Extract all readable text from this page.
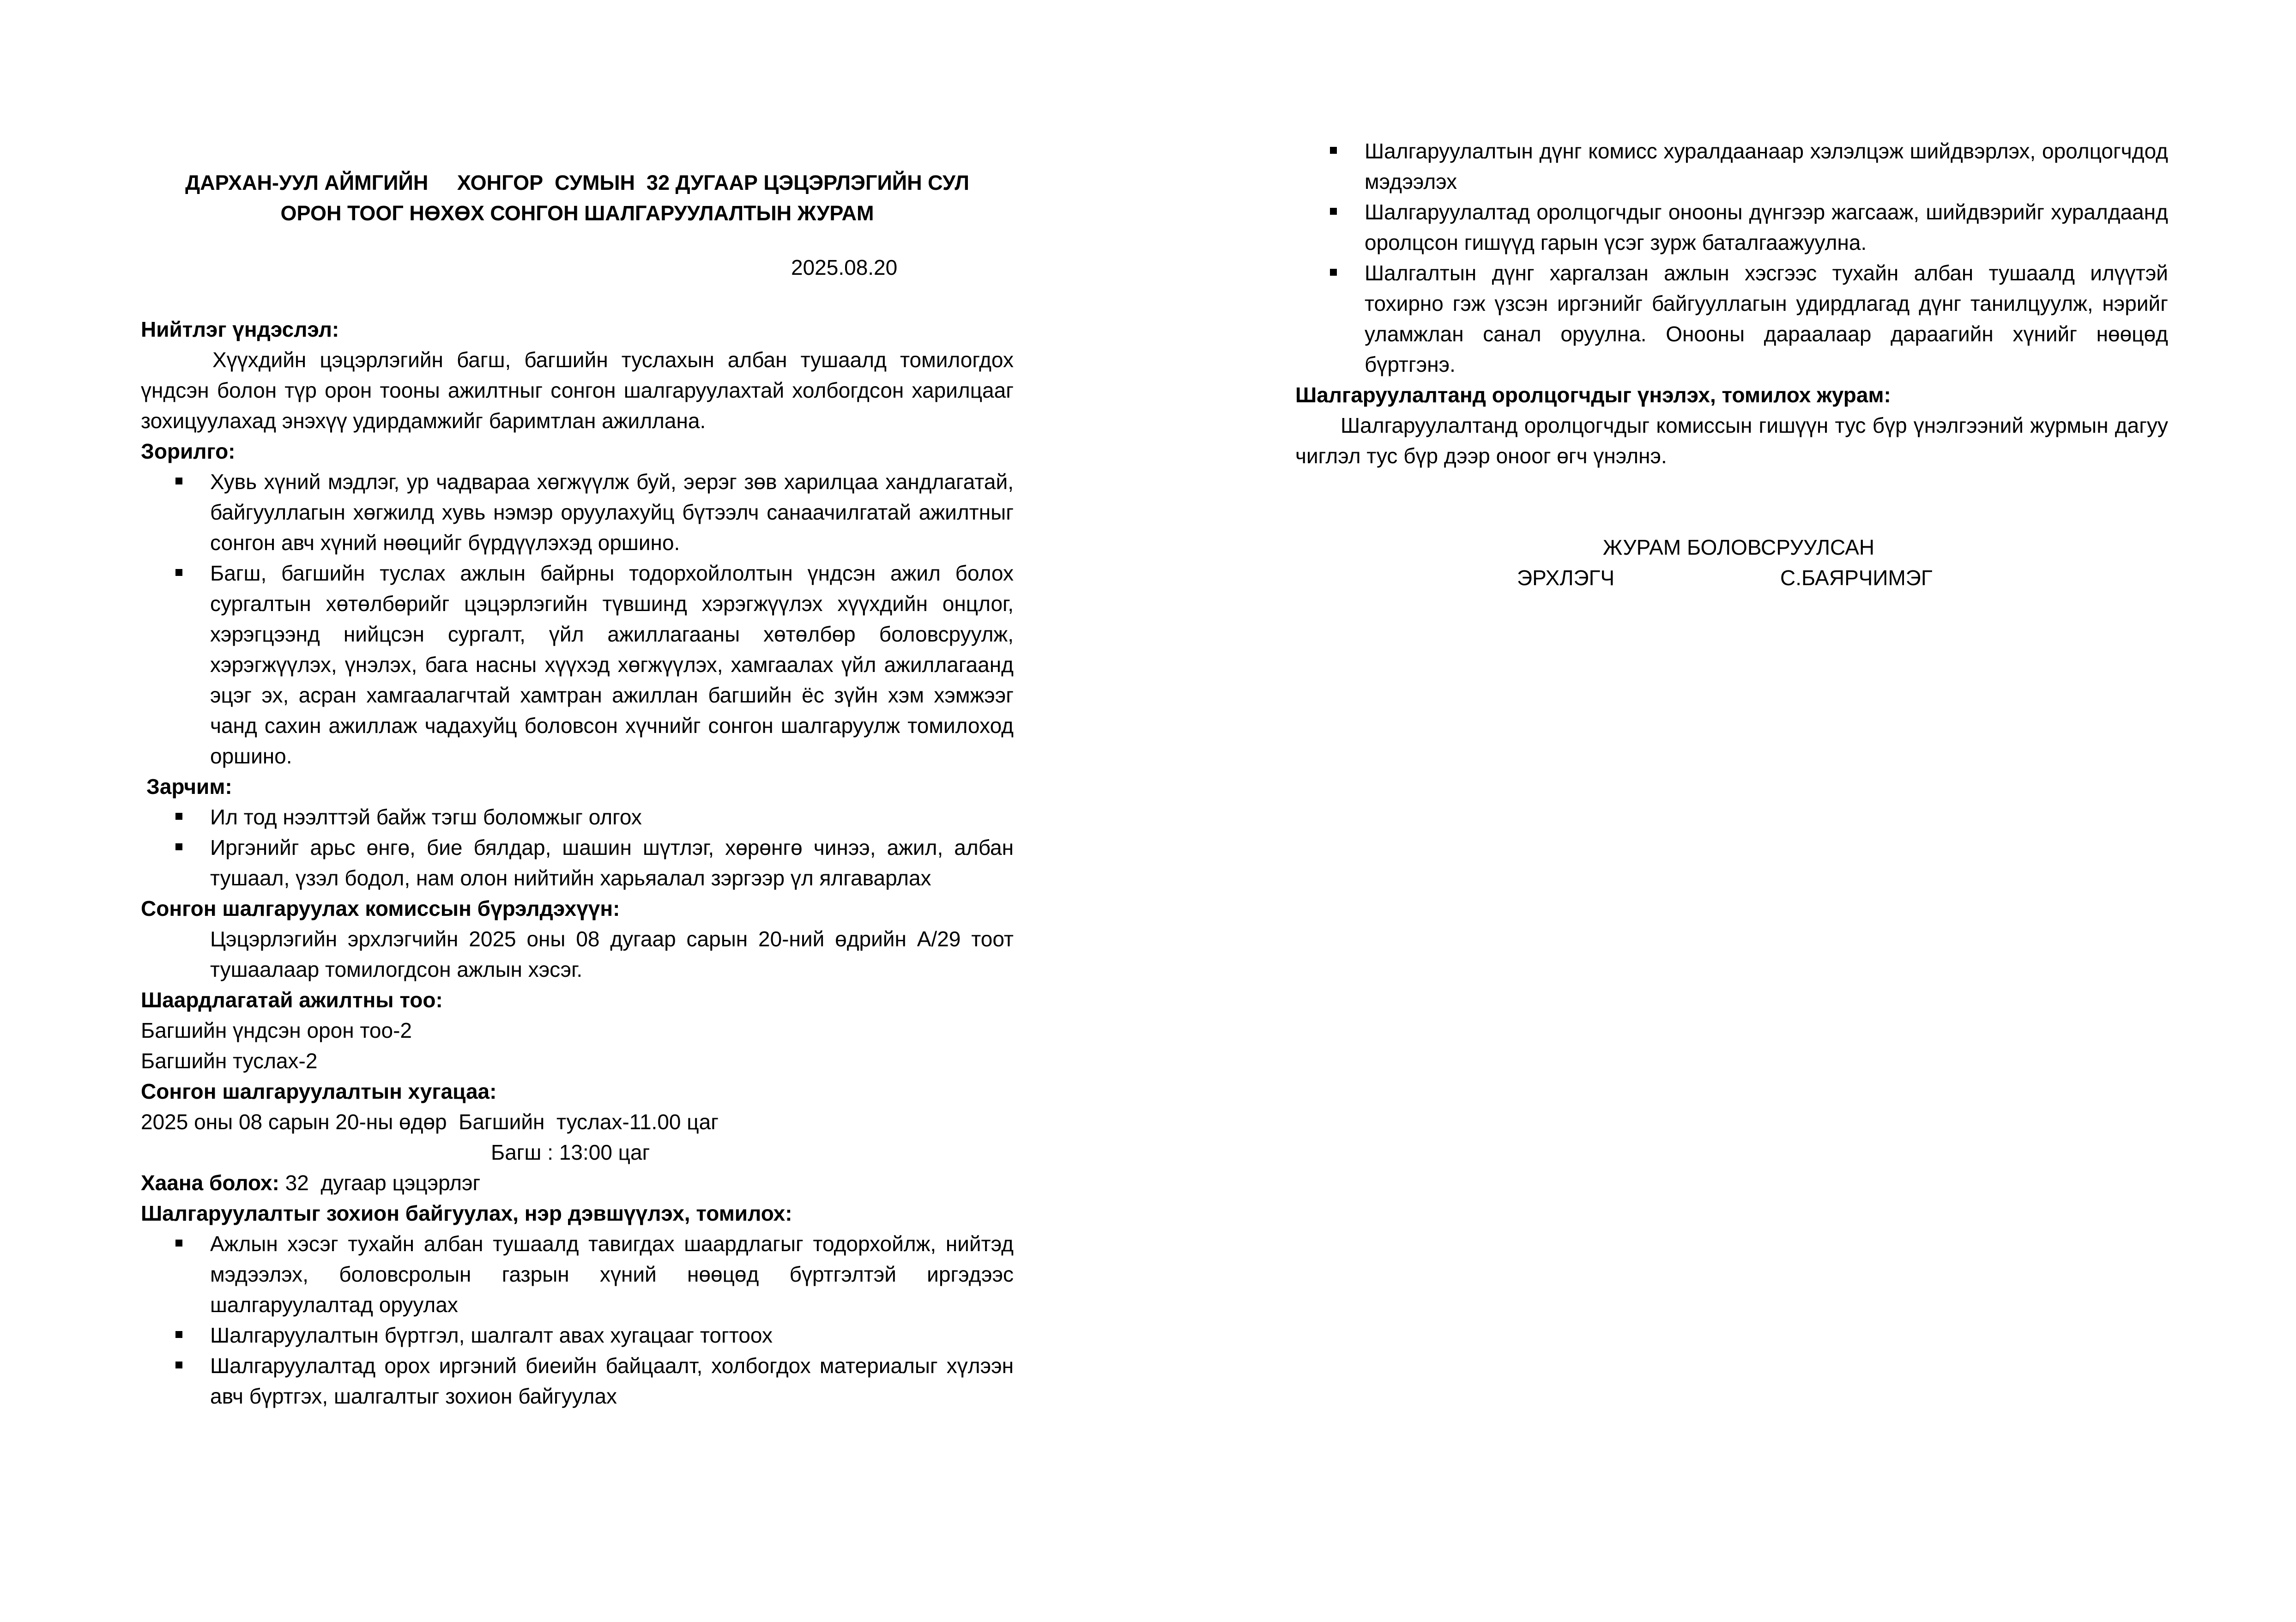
ДАРХАН-УУЛ АЙМГИЙН     ХОНГОР  СУМЫН  32 ДУГААР ЦЭЦЭРЛЭГИЙН СУЛ
ОРОН ТООГ НӨХӨХ СОНГОН ШАЛГАРУУЛАЛТЫН ЖУРАМ
2025.08.20

Нийтлэг үндэслэл:

Хүүхдийн цэцэрлэгийн багш, багшийн туслахын албан тушаалд томилогдох үндсэн болон түр орон тооны ажилтныг сонгон шалгаруулахтай холбогдсон харилцааг зохицуулахад энэхүү удирдамжийг баримтлан ажиллана.

Зорилго:

Хувь хүний мэдлэг, ур чадвараа хөгжүүлж буй, эерэг зөв харилцаа хандлагатай, байгууллагын хөгжилд хувь нэмэр оруулахуйц бүтээлч санаачилгатай ажилтныг сонгон авч хүний нөөцийг бүрдүүлэхэд оршино.
Багш, багшийн туслах ажлын байрны тодорхойлолтын үндсэн ажил болох сургалтын хөтөлбөрийг цэцэрлэгийн түвшинд хэрэгжүүлэх хүүхдийн онцлог, хэрэгцээнд нийцсэн сургалт, үйл ажиллагааны хөтөлбөр боловсруулж, хэрэгжүүлэх, үнэлэх, бага насны хүүхэд хөгжүүлэх, хамгаалах үйл ажиллагаанд эцэг эх, асран хамгаалагчтай хамтран ажиллан багшийн ёс зүйн хэм хэмжээг чанд сахин ажиллаж чадахуйц боловсон хүчнийг сонгон шалгаруулж томилоход оршино.

Зарчим:

Ил тод нээлттэй байж тэгш боломжыг олгох
Иргэнийг арьс өнгө, бие бялдар, шашин шүтлэг, хөрөнгө чинээ, ажил, албан тушаал, үзэл бодол, нам олон нийтийн харьяалал зэргээр үл ялгаварлах

Сонгон шалгаруулах комиссын бүрэлдэхүүн:

Цэцэрлэгийн эрхлэгчийн 2025 оны 08 дугаар сарын 20-ний өдрийн А/29 тоот тушаалаар томилогдсон ажлын хэсэг.

Шаардлагатай ажилтны тоо:

Багшийн үндсэн орон тоо-2

Багшийн туслах-2

Сонгон шалгаруулалтын хугацаа:

2025 оны 08 сарын 20-ны өдөр  Багшийн  туслах-11.00 цаг

Багш : 13:00 цаг

Хаана болох: 32  дугаар цэцэрлэг

Шалгаруулалтыг зохион байгуулах, нэр дэвшүүлэх, томилох:

Ажлын хэсэг тухайн албан тушаалд тавигдах шаардлагыг тодорхойлж, нийтэд мэдээлэх, боловсролын газрын хүний нөөцөд бүртгэлтэй иргэдээс шалгаруулалтад оруулах
Шалгаруулалтын бүртгэл, шалгалт авах хугацааг тогтоох
Шалгаруулалтад орох иргэний биеийн байцаалт, холбогдох материалыг хүлээн авч бүртгэх, шалгалтыг зохион байгуулах
Шалгаруулалтын дүнг комисс хуралдаанаар хэлэлцэж шийдвэрлэх, оролцогчдод мэдээлэх
Шалгаруулалтад оролцогчдыг онооны дүнгээр жагсааж, шийдвэрийг хуралдаанд оролцсон гишүүд гарын үсэг зурж баталгаажуулна.
Шалгалтын дүнг харгалзан ажлын хэсгээс тухайн албан тушаалд илүүтэй тохирно гэж үзсэн иргэнийг байгууллагын удирдлагад дүнг танилцуулж, нэрийг уламжлан санал оруулна. Онооны дараалаар дараагийн хүнийг нөөцөд бүртгэнэ.

Шалгаруулалтанд оролцогчдыг үнэлэх, томилох журам:

Шалгаруулалтанд оролцогчдыг комиссын гишүүн тус бүр үнэлгээний журмын дагуу чиглэл тус бүр дээр оноог өгч үнэлнэ.

ЖУРАМ БОЛОВСРУУЛСАН
ЭРХЛЭГЧ	С.БАЯРЧИМЭГ
